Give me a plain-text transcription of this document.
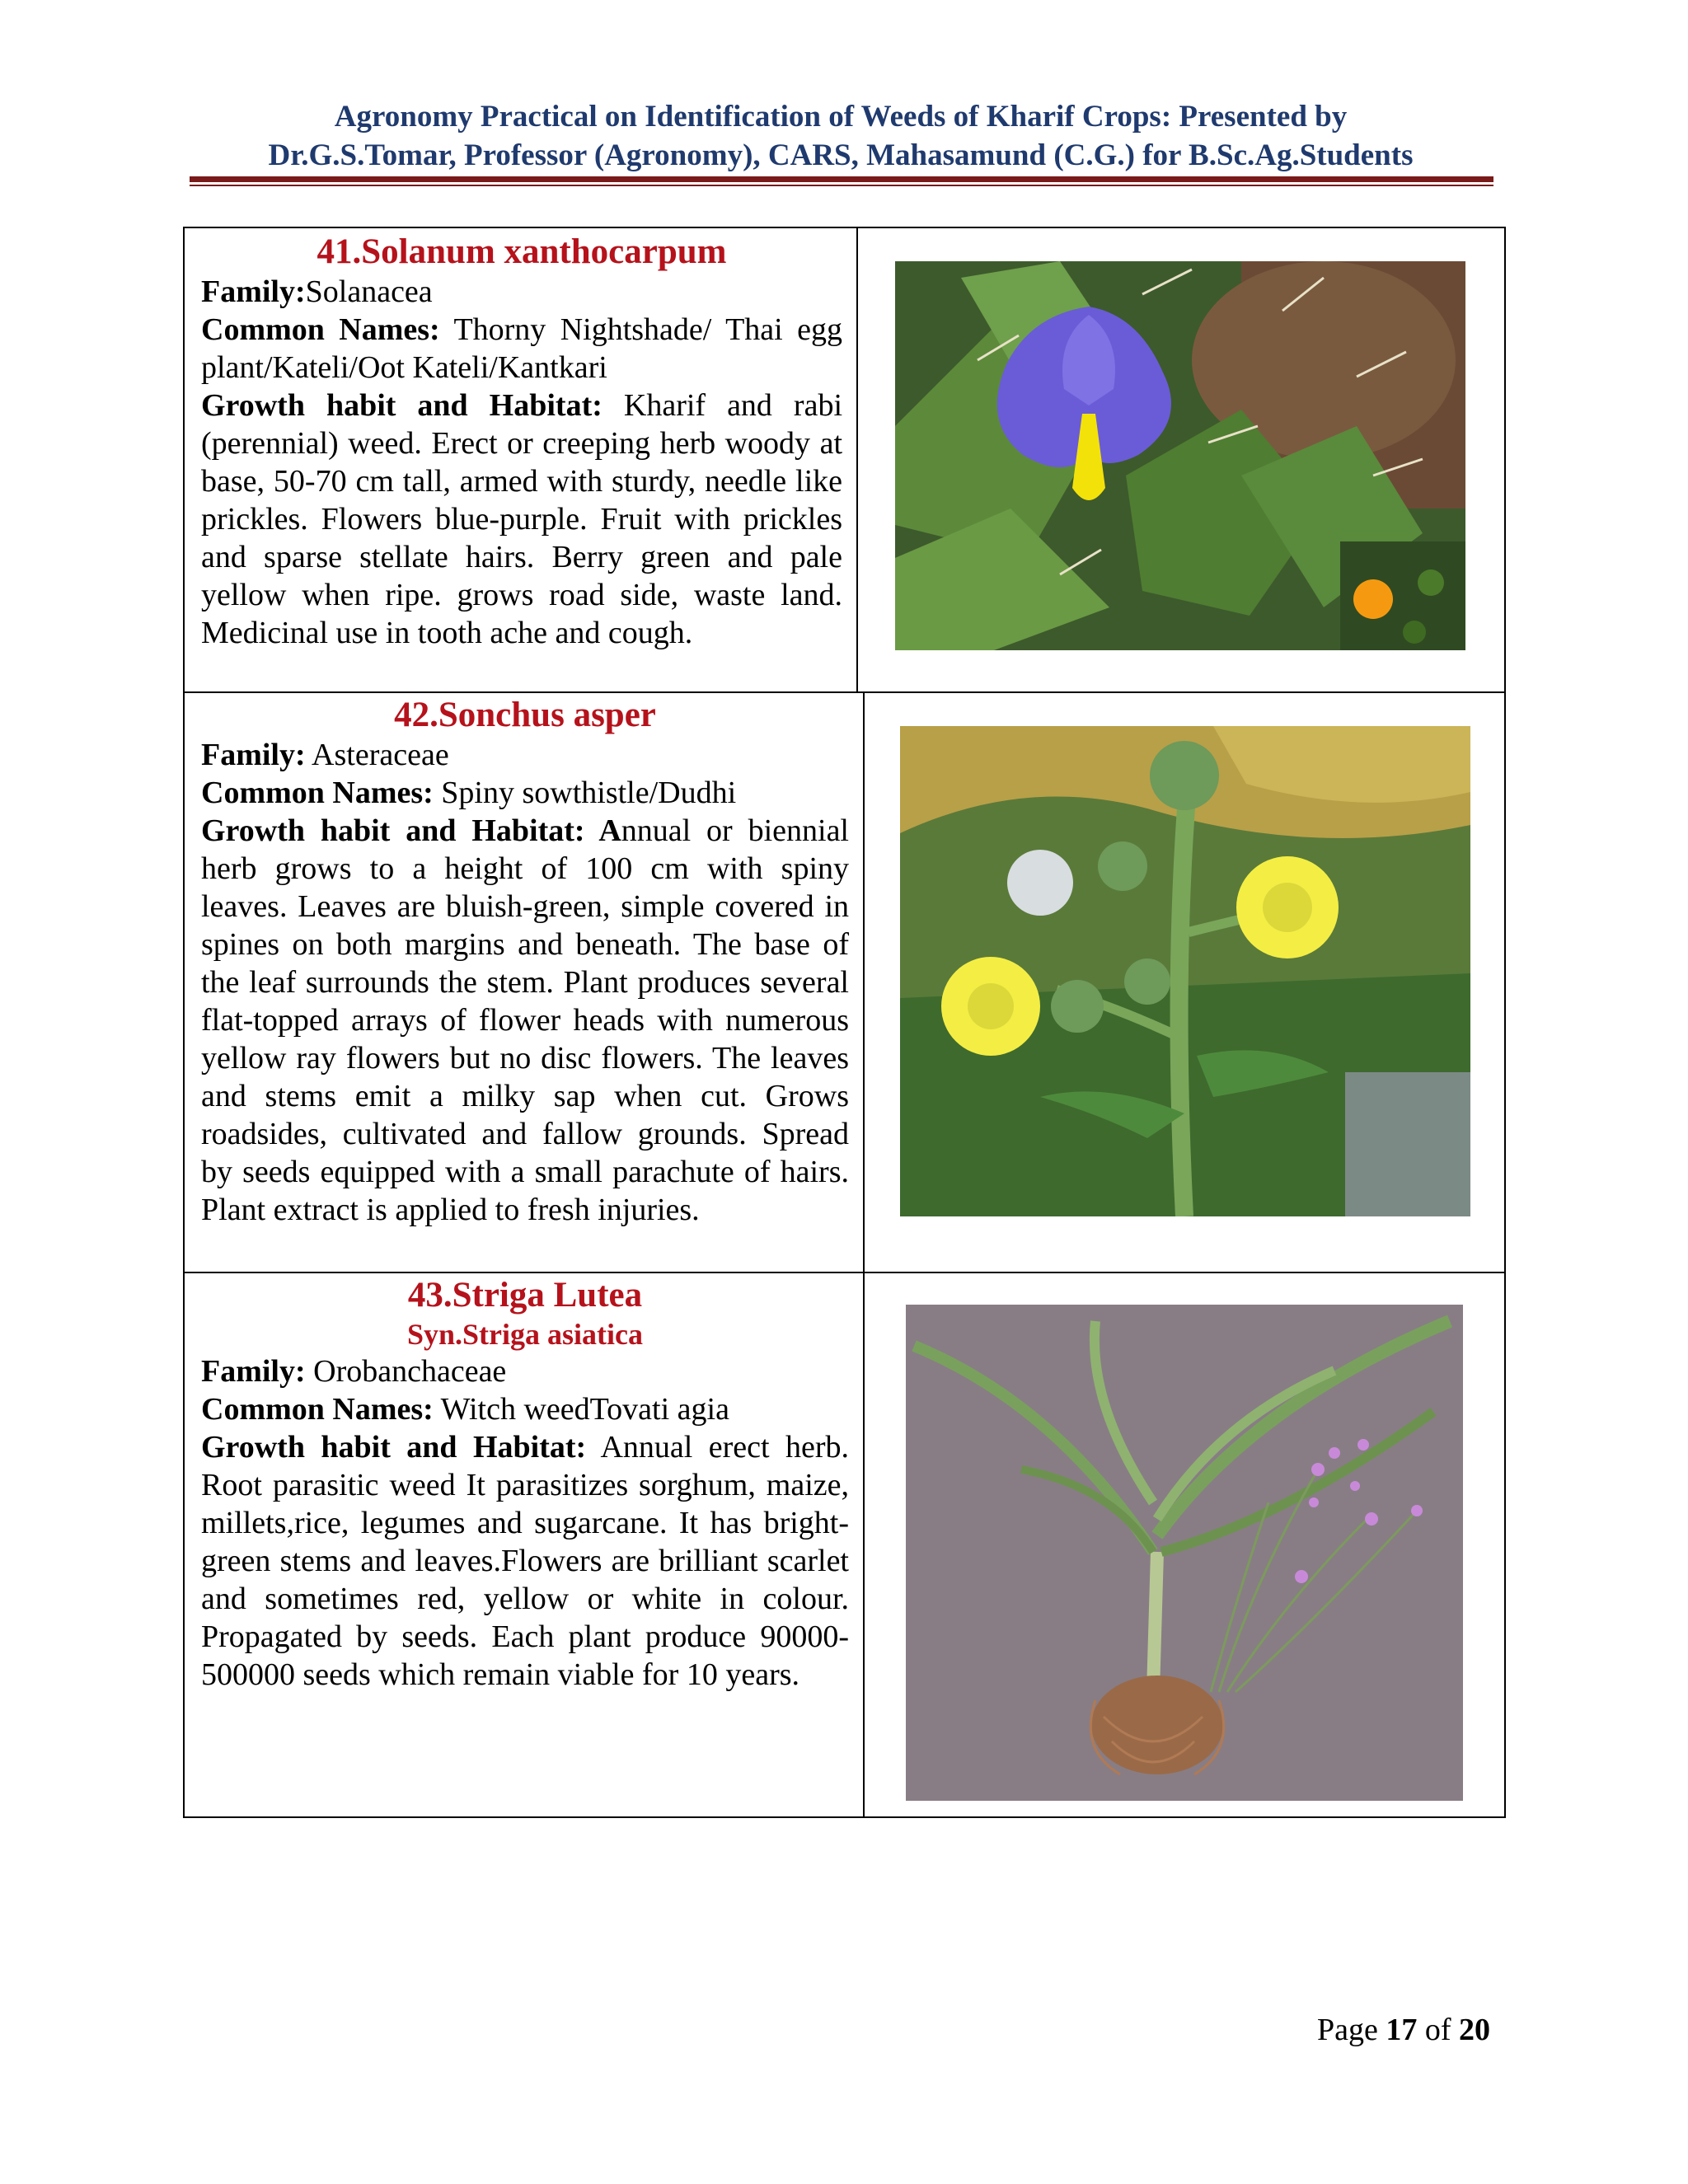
Agronomy Practical on Identification of Weeds of Kharif Crops: Presented by
Dr.G.S.Tomar, Professor (Agronomy), CARS, Mahasamund (C.G.) for B.Sc.Ag.Students
41.Solanum xanthocarpum
Family:Solanacea
Common Names: Thorny Nightshade/ Thai egg plant/Kateli/Oot Kateli/Kantkari
Growth habit and Habitat: Kharif and rabi (perennial) weed. Erect or creeping herb woody at base, 50-70 cm tall, armed with sturdy, needle like prickles. Flowers blue-purple. Fruit with prickles and sparse stellate hairs. Berry green and pale yellow when ripe. grows road side, waste land. Medicinal use in tooth ache and cough.
42.Sonchus asper
Family: Asteraceae
Common Names: Spiny sowthistle/Dudhi
Growth habit and Habitat: Annual or biennial herb grows to a height of 100 cm with spiny leaves. Leaves are bluish-green, simple covered in spines on both margins and beneath. The base of the leaf surrounds the stem. Plant produces several flat-topped arrays of flower heads with numerous yellow ray flowers but no disc flowers. The leaves and stems emit a milky sap when cut. Grows roadsides, cultivated and fallow grounds. Spread by seeds equipped with a small parachute of hairs. Plant extract is applied to fresh injuries.
43.Striga Lutea
Syn.Striga asiatica
Family: Orobanchaceae
Common Names: Witch weedTovati agia
Growth habit and Habitat: Annual erect herb. Root parasitic weed It parasitizes sorghum, maize, millets,rice, legumes and sugarcane. It has bright-green stems and leaves.Flowers are brilliant scarlet and sometimes red, yellow or white in colour. Propagated by seeds. Each plant produce 90000-500000 seeds which remain viable for 10 years.
Page 17 of 20
